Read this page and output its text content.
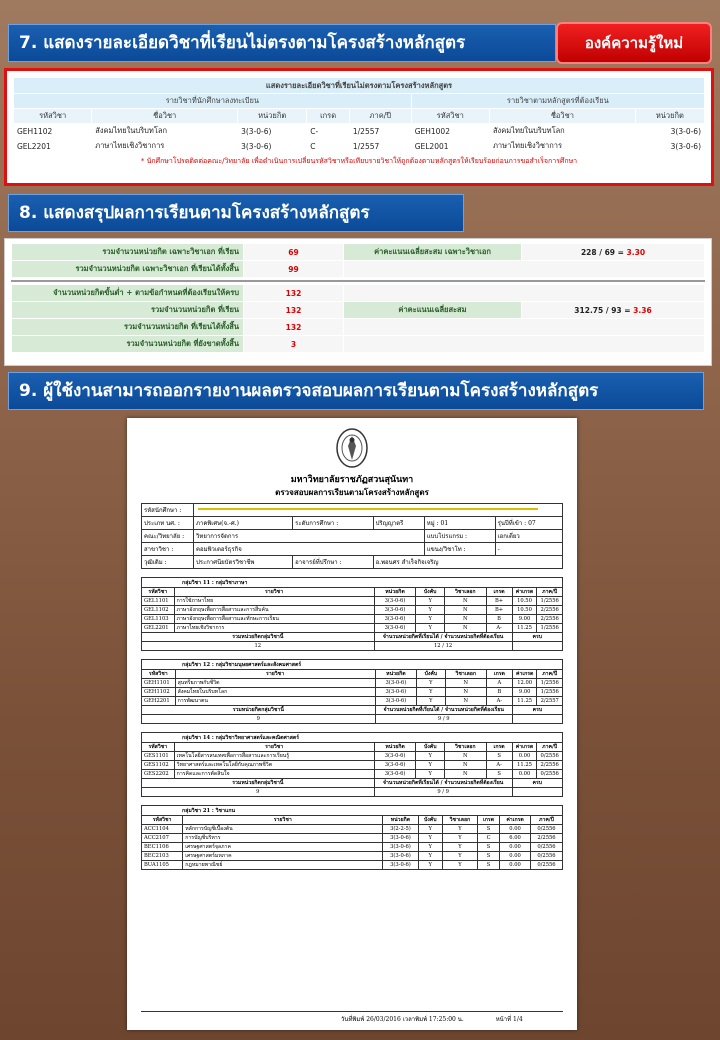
7. แสดงรายละเอียดวิชาที่เรียนไม่ตรงตามโครงสร้างหลักสูตร	องค์ความรู้ใหม่
แสดงรายละเอียดวิชาที่เรียนไม่ตรงตามโครงสร้างหลักสูตร							
รายวิชาที่นักศึกษาลงทะเบียน					รายวิชาตามหลักสูตรที่ต้องเรียน		
รหัสวิชา	ชื่อวิชา	หน่วยกิต	เกรด	ภาค/ปี	รหัสวิชา	ชื่อวิชา	หน่วยกิต
GEH1102	สังคมไทยในบริบทโลก	3(3-0-6)	C-	1/2557	GEH1002	สังคมไทยในบริบทโลก	3(3-0-6)
GEL2201	ภาษาไทยเชิงวิชาการ	3(3-0-6)	C	1/2557	GEL2001	ภาษาไทยเชิงวิชาการ	3(3-0-6)
* นักศึกษาโปรดติดต่อคณะ/วิทยาลัย เพื่อดำเนินการเปลี่ยนรหัสวิชาหรือเทียบรายวิชาให้ถูกต้องตามหลักสูตรให้เรียบร้อยก่อนการขอสำเร็จการศึกษา
8. แสดงสรุปผลการเรียนตามโครงสร้างหลักสูตร
รวมจำนวนหน่วยกิต เฉพาะวิชาเอก ที่เรียน	69	ค่าคะแนนเฉลี่ยสะสม เฉพาะวิชาเอก	228 / 69 = 3.30
รวมจำนวนหน่วยกิต เฉพาะวิชาเอก ที่เรียนได้ทั้งสิ้น	99		
จำนวนหน่วยกิตขั้นต่ำ + ตามข้อกำหนดที่ต้องเรียนให้ครบ	132		
รวมจำนวนหน่วยกิต ที่เรียน	132	ค่าคะแนนเฉลี่ยสะสม	312.75 / 93 = 3.36
รวมจำนวนหน่วยกิต ที่เรียนได้ทั้งสิ้น	132		
รวมจำนวนหน่วยกิต ที่ยังขาดทั้งสิ้น	3		
9. ผู้ใช้งานสามารถออกรายงานผลตรวจสอบผลการเรียนตามโครงสร้างหลักสูตร
มหาวิทยาลัยราชภัฏสวนสุนันทา
ตรวจสอบผลการเรียนตามโครงสร้างหลักสูตร
รหัสนักศึกษา :					

ประเภท นศ. :	ภาคพิเศษ(จ.-ศ.)	ระดับการศึกษา :	ปริญญาตรี	หมู่ : 01	รุ่นปีที่เข้า : 07
คณะ/วิทยาลัย :	วิทยาการจัดการ			แบบโปรแกรม :	เอกเดี่ยว
สาขาวิชา :	คอมพิวเตอร์ธุรกิจ			แขนง/วิชาโท :	-
วุฒิเดิม :	ประกาศนียบัตรวิชาชีพ	อาจารย์ที่ปรึกษา :	อ.พอนศร สำเร็จกิจเจริญ		
กลุ่มวิชา 11 : กลุ่มวิชาภาษา							
รหัสวิชา	รายวิชา	หน่วยกิต	บังคับ	วิชาเลอก	เกรด	ค่าเกรด	ภาค/ปี
GEL1101	การใช้ภาษาไทย	3(3-0-6)	Y	N	B+	10.50	1/2556
GEL1102	ภาษาอังกฤษเพื่อการสื่อสารและการสืบค้น	3(3-0-6)	Y	N	B+	10.50	2/2556
GEL1103	ภาษาอังกฤษเพื่อการสื่อสารและทักษะการเรียน	3(3-0-6)	Y	N	B	9.00	2/2556
GEL2201	ภาษาไทยเชิงวิชาการ	3(3-0-6)	Y	N	A-	11.25	1/2556
รวมหน่วยกิตกลุ่มวิชานี้		จำนวนหน่วยกิตที่เรียนได้ / จำนวนหน่วยกิตที่ต้องเรียน				ครบ	
12		12 / 12					
กลุ่มวิชา 12 : กลุ่มวิชามนุษยศาสตร์และสังคมศาสตร์							
รหัสวิชา	รายวิชา	หน่วยกิต	บังคับ	วิชาเลอก	เกรด	ค่าเกรด	ภาค/ปี
GEH1101	สุนทรียภาพกับชีวิต	3(3-0-6)	Y	N	A	12.00	1/2556
GEH1102	สังคมไทยในบริบทโลก	3(3-0-6)	Y	N	B	9.00	1/2556
GEH2201	การพัฒนาตน	3(3-0-6)	Y	N	A-	11.25	2/2557
รวมหน่วยกิตกลุ่มวิชานี้		จำนวนหน่วยกิตที่เรียนได้ / จำนวนหน่วยกิตที่ต้องเรียน				ครบ	
9		9 / 9					
กลุ่มวิชา 14 : กลุ่มวิชาวิทยาศาสตร์และคณิตศาสตร์							
รหัสวิชา	รายวิชา	หน่วยกิต	บังคับ	วิชาเลอก	เกรด	ค่าเกรด	ภาค/ปี
GES1101	เทคโนโลยีสารสนเทศเพื่อการสื่อสารและการเรียนรู้	3(3-0-6)	Y	N	S	0.00	0/2556
GES1102	วิทยาศาสตร์และเทคโนโลยีกับคุณภาพชีวิต	3(3-0-6)	Y	N	A-	11.25	2/2556
GES2202	การคิดและการตัดสินใจ	3(3-0-6)	Y	N	S	0.00	0/2556
รวมหน่วยกิตกลุ่มวิชานี้		จำนวนหน่วยกิตที่เรียนได้ / จำนวนหน่วยกิตที่ต้องเรียน				ครบ	
9		9 / 9					
กลุ่มวิชา 21 : วิชาแกน							
รหัสวิชา	รายวิชา	หน่วยกิต	บังคับ	วิชาเลอก	เกรด	ค่าเกรด	ภาค/ปี
ACC1104	หลักการบัญชีเบื้องต้น	3(2-2-5)	Y	Y	S	0.00	0/2556
ACC2107	การบัญชีบริหาร	3(3-0-6)	Y	Y	C	6.00	2/2556
BEC1106	เศรษฐศาสตร์จุลภาค	3(3-0-6)	Y	Y	S	0.00	0/2556
BEC2103	เศรษฐศาสตร์มหภาค	3(3-0-6)	Y	Y	S	0.00	0/2556
BUA1105	กฎหมายพาณิชย์	3(3-0-6)	Y	Y	S	0.00	0/2556
วันที่พิมพ์ 26/03/2016 เวลาพิมพ์ 17:25:00 น.	หน้าที่ 1/4
